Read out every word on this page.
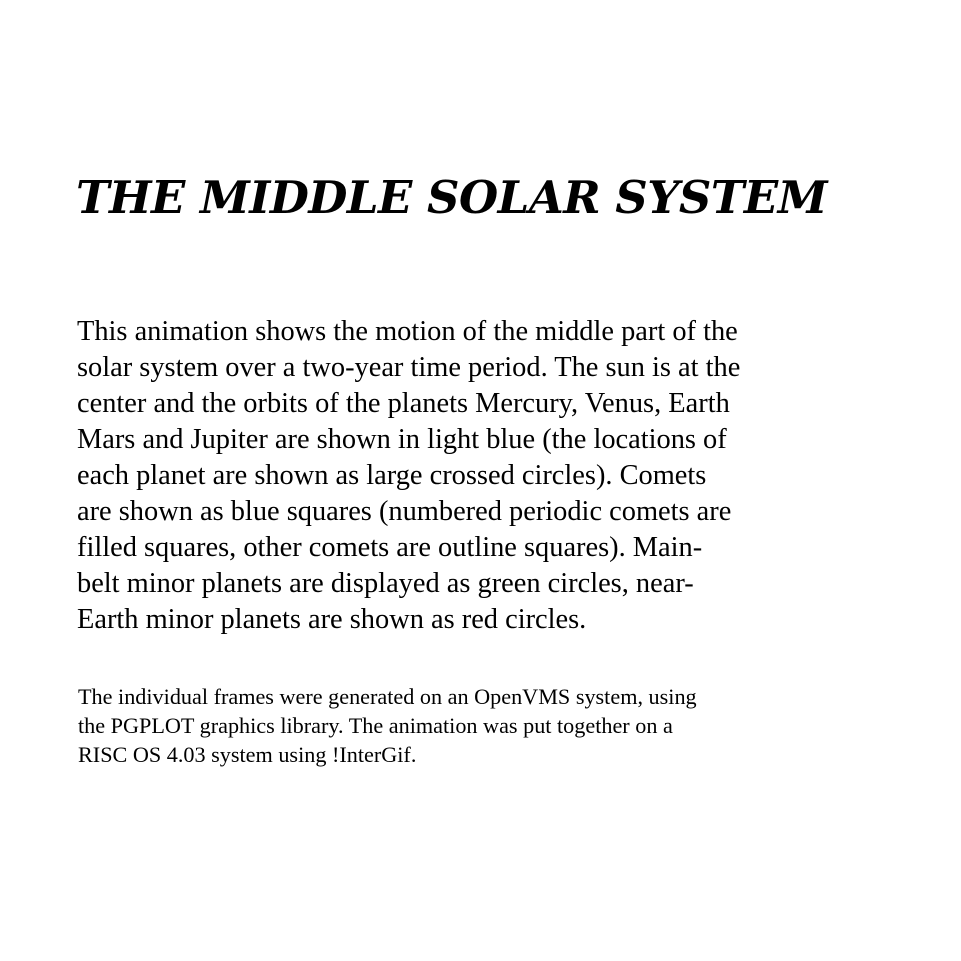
THE MIDDLE SOLAR SYSTEM
This animation shows the motion of the middle part of the
solar system over a two-year time period. The sun is at the
center and the orbits of the planets Mercury, Venus, Earth
Mars and Jupiter are shown in light blue (the locations of
each planet are shown as large crossed circles). Comets
are shown as blue squares (numbered periodic comets are
filled squares, other comets are outline squares). Main-
belt minor planets are displayed as green circles, near-
Earth minor planets are shown as red circles.
The individual frames were generated on an OpenVMS system, using
the PGPLOT graphics library. The animation was put together on a
RISC OS 4.03 system using !InterGif.
